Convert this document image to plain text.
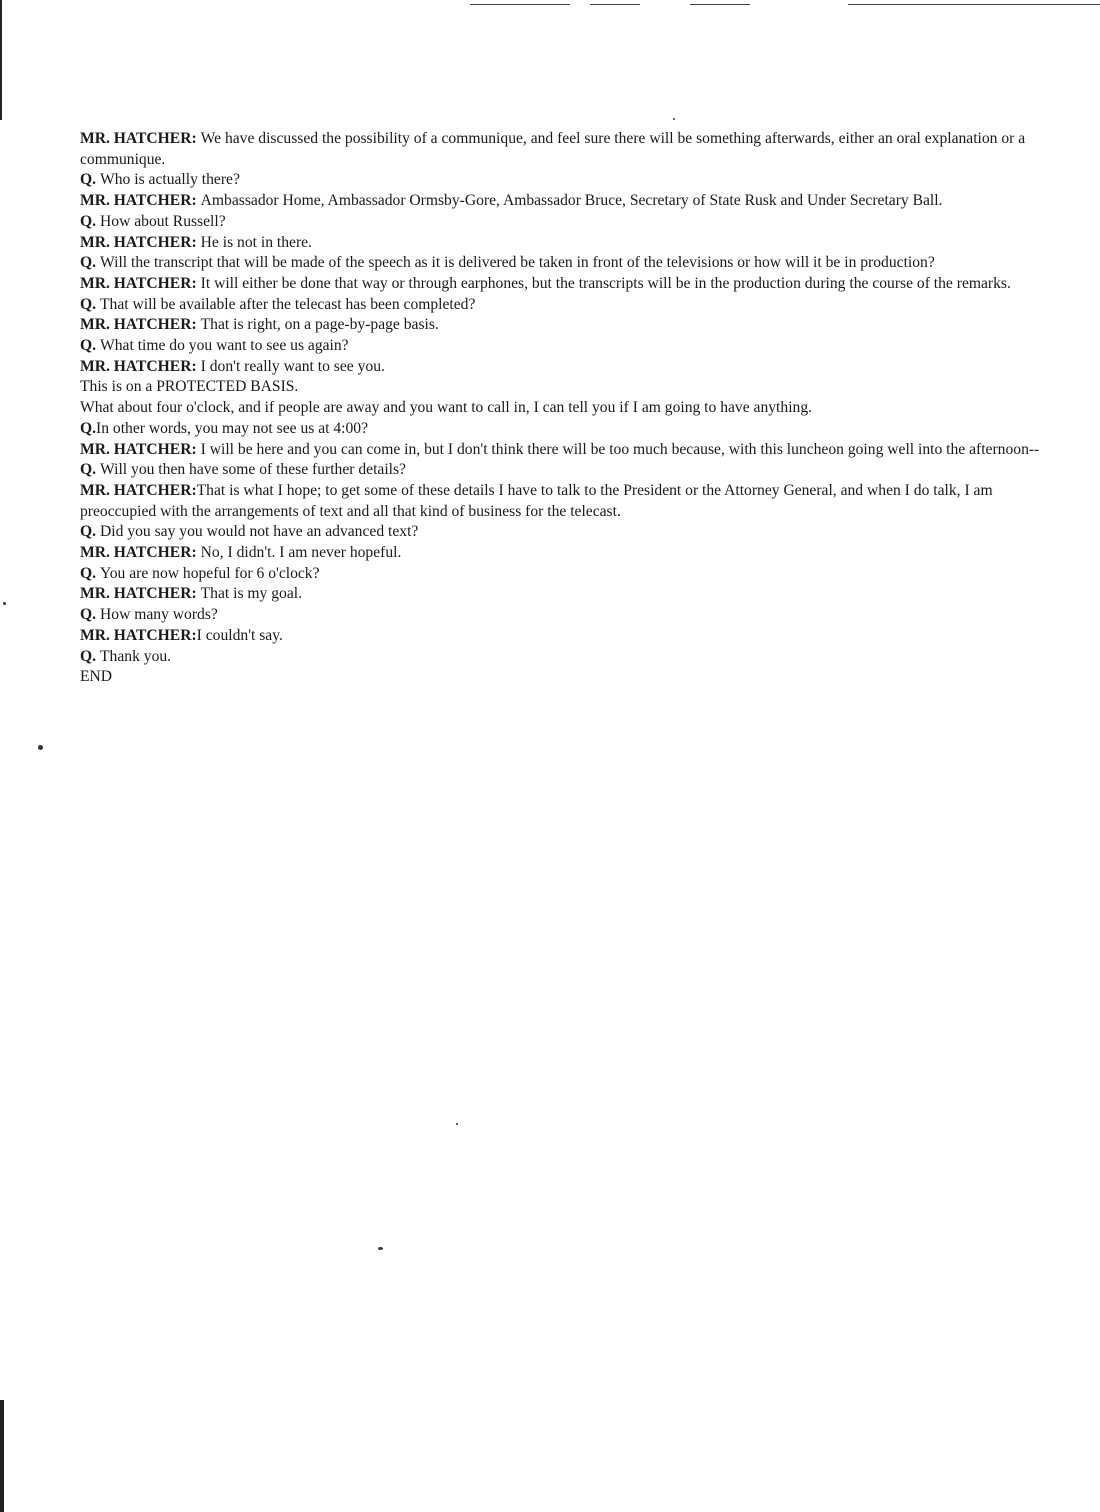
MR. HATCHER: We have discussed the possibility of a communique, and feel sure there will be something afterwards, either an oral explanation or a communique.

Q. Who is actually there?

MR. HATCHER: Ambassador Home, Ambassador Ormsby-Gore, Ambassador Bruce, Secretary of State Rusk and Under Secretary Ball.

Q. How about Russell?

MR. HATCHER: He is not in there.

Q. Will the transcript that will be made of the speech as it is delivered be taken in front of the televisions or how will it be in production?

MR. HATCHER: It will either be done that way or through earphones, but the transcripts will be in the production during the course of the remarks.

Q. That will be available after the telecast has been completed?

MR. HATCHER: That is right, on a page-by-page basis.

Q. What time do you want to see us again?

MR. HATCHER: I don't really want to see you.

This is on a PROTECTED BASIS.

What about four o'clock, and if people are away and you want to call in, I can tell you if I am going to have anything.

Q.In other words, you may not see us at 4:00?

MR. HATCHER: I will be here and you can come in, but I don't think there will be too much because, with this luncheon going well into the afternoon--

Q. Will you then have some of these further details?

MR. HATCHER:That is what I hope; to get some of these details I have to talk to the President or the Attorney General, and when I do talk, I am preoccupied with the arrangements of text and all that kind of business for the telecast.

Q. Did you say you would not have an advanced text?

MR. HATCHER: No, I didn't. I am never hopeful.

Q. You are now hopeful for 6 o'clock?

MR. HATCHER: That is my goal.

Q. How many words?

MR. HATCHER:I couldn't say.

Q. Thank you.

END
